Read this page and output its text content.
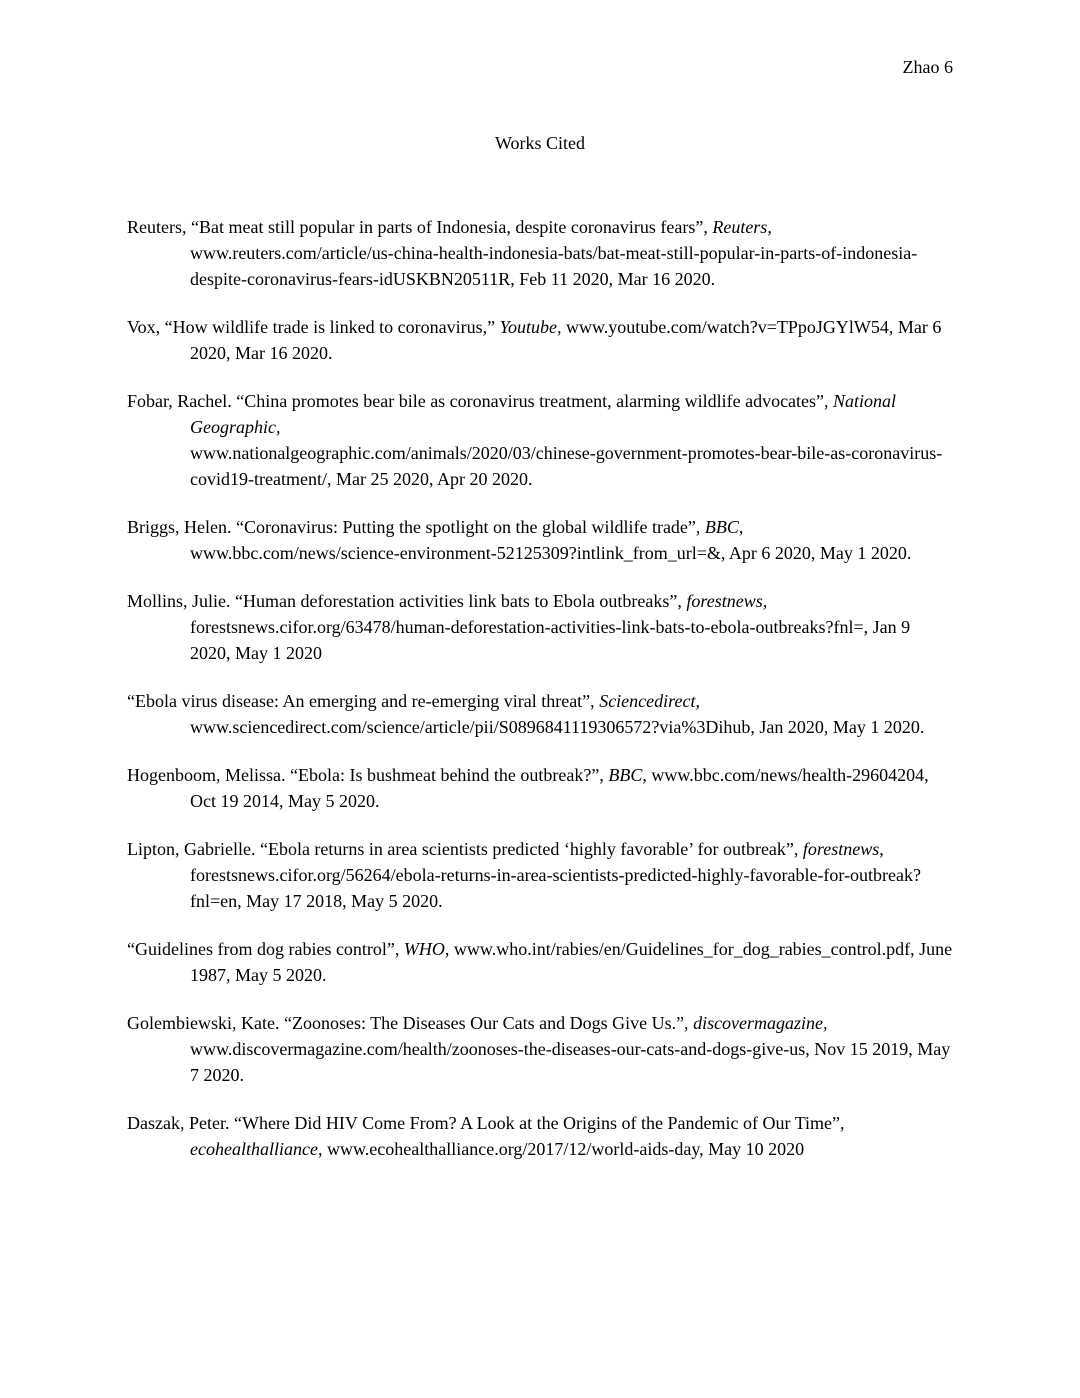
Zhao 6
Works Cited

Reuters, “Bat meat still popular in parts of Indonesia, despite coronavirus fears”, Reuters, www.reuters.com/article/us-china-health-indonesia-bats/bat-meat-still-popular-in-parts-of-indonesia-despite-coronavirus-fears-idUSKBN20511R, Feb 11 2020, Mar 16 2020.

Vox, “How wildlife trade is linked to coronavirus,” Youtube, www.youtube.com/watch?v=TPpoJGYlW54, Mar 6 2020, Mar 16 2020.

Fobar, Rachel. “China promotes bear bile as coronavirus treatment, alarming wildlife advocates”, National Geographic,
www.nationalgeographic.com/animals/2020/03/chinese-government-promotes-bear-bile-as-coronavirus-covid19-treatment/, Mar 25 2020, Apr 20 2020.

Briggs, Helen. “Coronavirus: Putting the spotlight on the global wildlife trade”, BBC, www.bbc.com/news/science-environment-52125309?intlink_from_url=&, Apr 6 2020, May 1 2020.

Mollins, Julie. “Human deforestation activities link bats to Ebola outbreaks”, forestnews, forestsnews.cifor.org/63478/human-deforestation-activities-link-bats-to-ebola-outbreaks?fnl=, Jan 9 2020, May 1 2020

“Ebola virus disease: An emerging and re-emerging viral threat”, Sciencedirect, www.sciencedirect.com/science/article/pii/S0896841119306572?via%3Dihub, Jan 2020, May 1 2020.

Hogenboom, Melissa. “Ebola: Is bushmeat behind the outbreak?”, BBC, www.bbc.com/news/health-29604204, Oct 19 2014, May 5 2020.

Lipton, Gabrielle. “Ebola returns in area scientists predicted ‘highly favorable’ for outbreak”, forestnews, forestsnews.cifor.org/56264/ebola-returns-in-area-scientists-predicted-highly-favorable-for-outbreak?fnl=en, May 17 2018, May 5 2020.

“Guidelines from dog rabies control”, WHO, www.who.int/rabies/en/Guidelines_for_dog_rabies_control.pdf, June 1987, May 5 2020.

Golembiewski, Kate. “Zoonoses: The Diseases Our Cats and Dogs Give Us.”, discovermagazine, www.discovermagazine.com/health/zoonoses-the-diseases-our-cats-and-dogs-give-us, Nov 15 2019, May 7 2020.

Daszak, Peter. “Where Did HIV Come From? A Look at the Origins of the Pandemic of Our Time”, ecohealthalliance, www.ecohealthalliance.org/2017/12/world-aids-day, May 10 2020
